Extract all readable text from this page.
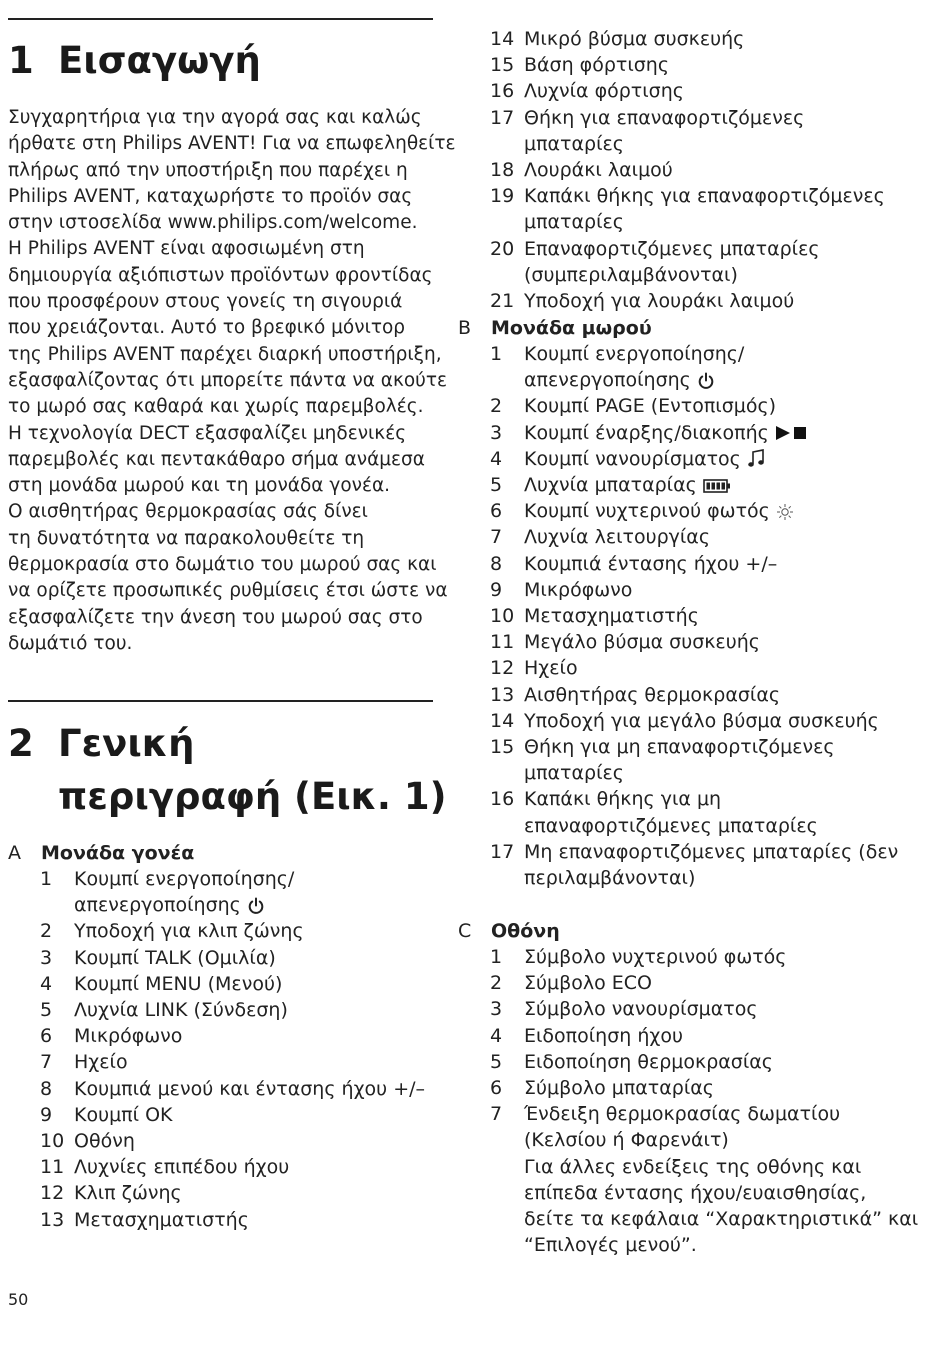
1 Εισαγωγή

Συγχαρητήρια για την αγορά σας και καλώς

ήρθατε στη Philips AVENT! Για να επωφεληθείτε

πλήρως από την υποστήριξη που παρέχει η

Philips AVENT, καταχωρήστε το προϊόν σας

στην ιστοσελίδα www.philips.com/welcome.

Η Philips AVENT είναι αφοσιωμένη στη

δημιουργία αξιόπιστων προϊόντων φροντίδας

που προσφέρουν στους γονείς τη σιγουριά

που χρειάζονται. Αυτό το βρεφικό μόνιτορ

της Philips AVENT παρέχει διαρκή υποστήριξη,

εξασφαλίζοντας ότι μπορείτε πάντα να ακούτε

το μωρό σας καθαρά και χωρίς παρεμβολές.

Η τεχνολογία DECT εξασφαλίζει μηδενικές

παρεμβολές και πεντακάθαρο σήμα ανάμεσα

στη μονάδα μωρού και τη μονάδα γονέα.

Ο αισθητήρας θερμοκρασίας σάς δίνει

τη δυνατότητα να παρακολουθείτε τη

θερμοκρασία στο δωμάτιο του μωρού σας και

να ορίζετε προσωπικές ρυθμίσεις έτσι ώστε να

εξασφαλίζετε την άνεση του μωρού σας στο

δωμάτιό του.

2 Γενική
περιγραφή (Εικ. 1)
A Μονάδα γονέα
1	Κουμπί ενεργοποίησης/
απενεργοποίησης
2	Υποδοχή για κλιπ ζώνης
3	Κουμπί TALK (Ομιλία)
4	Κουμπί MENU (Μενού)
5	Λυχνία LINK (Σύνδεση)
6	Μικρόφωνο
7	Ηχείο
8	Κουμπιά μενού και έντασης ήχου +/–
9	Κουμπί OK
10 Οθόνη
11 Λυχνίες επιπέδου ήχου
12 Κλιπ ζώνης
13 Μετασχηματιστής
14 Μικρό βύσμα συσκευής
15 Βάση φόρτισης
16 Λυχνία φόρτισης
17 Θήκη για επαναφορτιζόμενες
μπαταρίες
18 Λουράκι λαιμού
19 Καπάκι θήκης για επαναφορτιζόμενες
μπαταρίες
20 Επαναφορτιζόμενες μπαταρίες
(συμπεριλαμβάνονται)
21 Υποδοχή για λουράκι λαιμού
B Μονάδα μωρού
1	Κουμπί ενεργοποίησης/
απενεργοποίησης
2	Κουμπί PAGE (Εντοπισμός)
3	Κουμπί έναρξης/διακοπής
4	Κουμπί νανουρίσματος
5	Λυχνία μπαταρίας
6	Κουμπί νυχτερινού φωτός
7	Λυχνία λειτουργίας
8	Κουμπιά έντασης ήχου +/–
9	Μικρόφωνο
10 Μετασχηματιστής
11 Μεγάλο βύσμα συσκευής
12 Ηχείο
13 Αισθητήρας θερμοκρασίας
14 Υποδοχή για μεγάλο βύσμα συσκευής
15 Θήκη για μη επαναφορτιζόμενες
μπαταρίες
16 Καπάκι θήκης για μη
επαναφορτιζόμενες μπαταρίες
17 Μη επαναφορτιζόμενες μπαταρίες (δεν
περιλαμβάνονται)
C Οθόνη
1	Σύμβολο νυχτερινού φωτός
2	Σύμβολο ECO
3	Σύμβολο νανουρίσματος
4	Ειδοποίηση ήχου
5	Ειδοποίηση θερμοκρασίας
6	Σύμβολο μπαταρίας
7	Ένδειξη θερμοκρασίας δωματίου
(Κελσίου ή Φαρενάιτ)
Για άλλες ενδείξεις της οθόνης και
επίπεδα έντασης ήχου/ευαισθησίας,
δείτε τα κεφάλαια “Χαρακτηριστικά” και
“Επιλογές μενού”.
50
